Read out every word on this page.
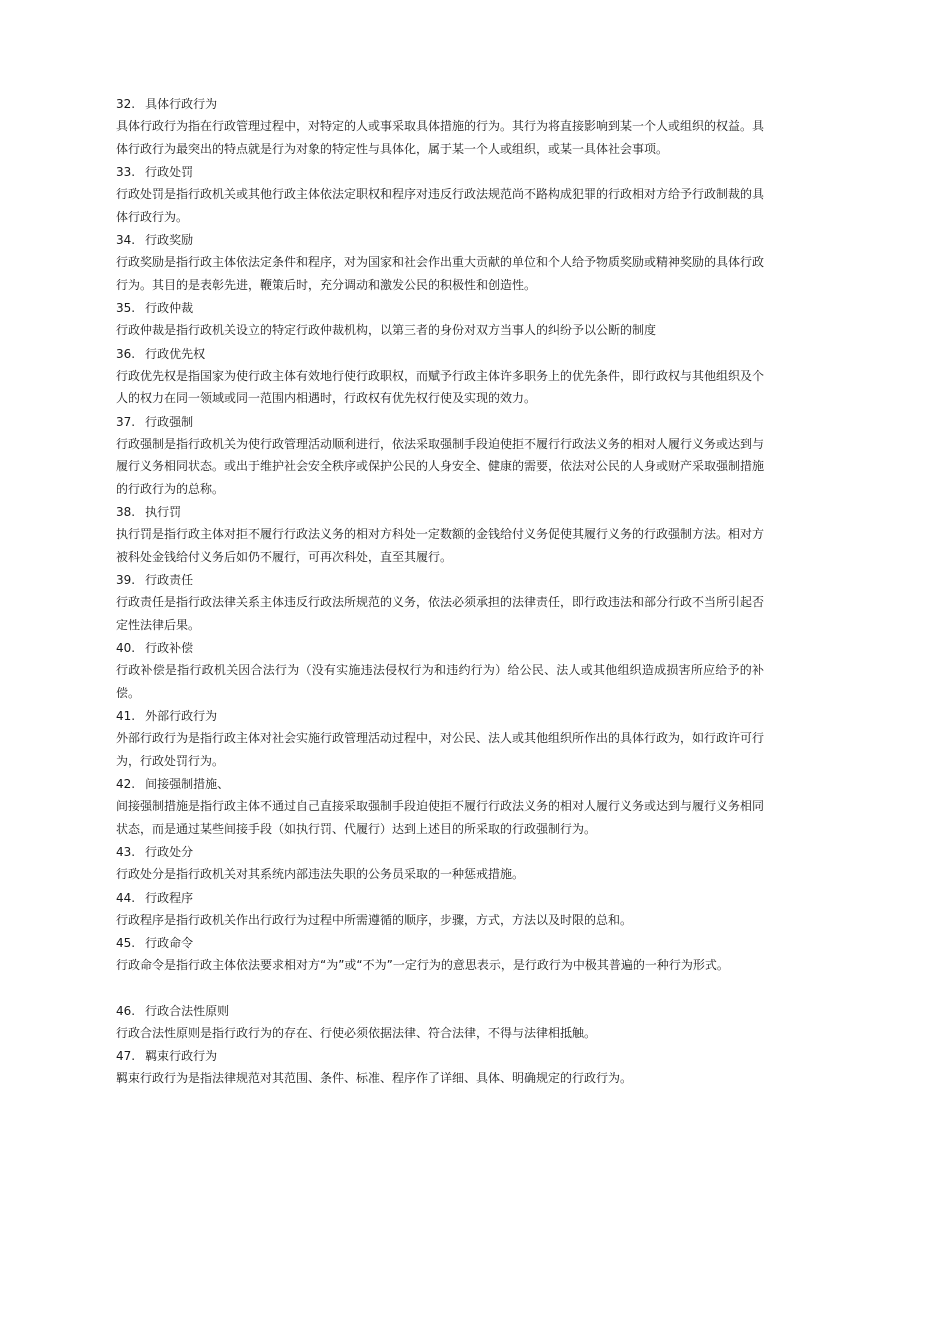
32. 具体行政行为
具体行政行为指在行政管理过程中，对特定的人或事采取具体措施的行为。其行为将直接影响到某一个人或组织的权益。具体行政行为最突出的特点就是行为对象的特定性与具体化，属于某一个人或组织，或某一具体社会事项。
33. 行政处罚
行政处罚是指行政机关或其他行政主体依法定职权和程序对违反行政法规范尚不路构成犯罪的行政相对方给予行政制裁的具体行政行为。
34. 行政奖励
行政奖励是指行政主体依法定条件和程序，对为国家和社会作出重大贡献的单位和个人给予物质奖励或精神奖励的具体行政行为。其目的是表彰先进，鞭策后时，充分调动和激发公民的积极性和创造性。
35. 行政仲裁
行政仲裁是指行政机关设立的特定行政仲裁机构，以第三者的身份对双方当事人的纠纷予以公断的制度
36. 行政优先权
行政优先权是指国家为使行政主体有效地行使行政职权，而赋予行政主体许多职务上的优先条件，即行政权与其他组织及个人的权力在同一领域或同一范围内相遇时，行政权有优先权行使及实现的效力。
37. 行政强制
行政强制是指行政机关为使行政管理活动顺利进行，依法采取强制手段迫使拒不履行行政法义务的相对人履行义务或达到与履行义务相同状态。或出于维护社会安全秩序或保护公民的人身安全、健康的需要，依法对公民的人身或财产采取强制措施的行政行为的总称。
38. 执行罚
执行罚是指行政主体对拒不履行行政法义务的相对方科处一定数额的金钱给付义务促使其履行义务的行政强制方法。相对方被科处金钱给付义务后如仍不履行，可再次科处，直至其履行。
39. 行政责任
行政责任是指行政法律关系主体违反行政法所规范的义务，依法必须承担的法律责任，即行政违法和部分行政不当所引起否定性法律后果。
40. 行政补偿
行政补偿是指行政机关因合法行为（没有实施违法侵权行为和违约行为）给公民、法人或其他组织造成损害所应给予的补偿。
41. 外部行政行为
外部行政行为是指行政主体对社会实施行政管理活动过程中，对公民、法人或其他组织所作出的具体行政为，如行政许可行为，行政处罚行为。
42. 间接强制措施、
间接强制措施是指行政主体不通过自己直接采取强制手段迫使拒不履行行政法义务的相对人履行义务或达到与履行义务相同状态，而是通过某些间接手段（如执行罚、代履行）达到上述目的所采取的行政强制行为。
43. 行政处分
行政处分是指行政机关对其系统内部违法失职的公务员采取的一种惩戒措施。
44. 行政程序
行政程序是指行政机关作出行政行为过程中所需遵循的顺序，步骤，方式，方法以及时限的总和。
45. 行政命令
行政命令是指行政主体依法要求相对方“为”或“不为”一定行为的意思表示，是行政行为中极其普遍的一种行为形式。
46. 行政合法性原则
行政合法性原则是指行政行为的存在、行使必须依据法律、符合法律，不得与法律相抵触。
47. 羁束行政行为
羁束行政行为是指法律规范对其范围、条件、标准、程序作了详细、具体、明确规定的行政行为。
